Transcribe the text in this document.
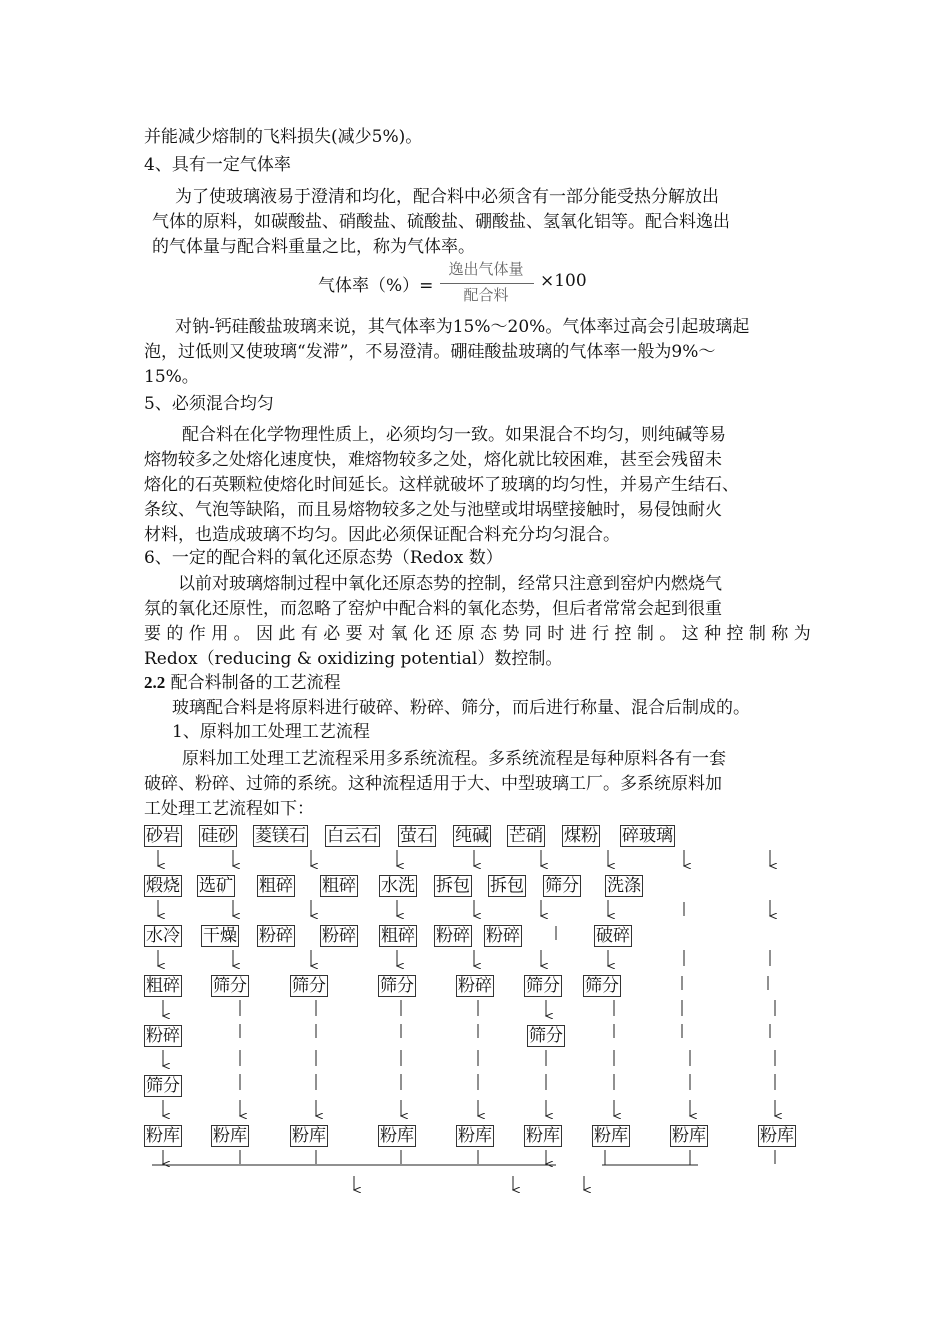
并能减少熔制的飞料损失(减少5%)。
4、具有一定气体率
为了使玻璃液易于澄清和均化，配合料中必须含有一部分能受热分解放出
气体的原料，如碳酸盐、硝酸盐、硫酸盐、硼酸盐、氢氧化铝等。配合料逸出
的气体量与配合料重量之比，称为气体率。
气体率（%）=
逸出气体量
配合料
×100
对钠-钙硅酸盐玻璃来说，其气体率为15%～20%。气体率过高会引起玻璃起
泡，过低则又使玻璃“发滞”，不易澄清。硼硅酸盐玻璃的气体率一般为9%～
15%。
5、必须混合均匀
配合料在化学物理性质上，必须均匀一致。如果混合不均匀，则纯碱等易
熔物较多之处熔化速度快，难熔物较多之处，熔化就比较困难，甚至会残留未
熔化的石英颗粒使熔化时间延长。这样就破坏了玻璃的均匀性，并易产生结石、
条纹、气泡等缺陷，而且易熔物较多之处与池壁或坩埚壁接触时，易侵蚀耐火
材料，也造成玻璃不均匀。因此必须保证配合料充分均匀混合。
6、一定的配合料的氧化还原态势（Redox 数）
以前对玻璃熔制过程中氧化还原态势的控制，经常只注意到窑炉内燃烧气
氛的氧化还原性，而忽略了窑炉中配合料的氧化态势，但后者常常会起到很重
要 的 作 用 。 因 此 有 必 要 对 氧 化 还 原 态 势 同 时 进 行 控 制 。 这 种 控 制 称 为
Redox（reducing & oxidizing potential）数控制。
2.2 配合料制备的工艺流程
玻璃配合料是将原料进行破碎、粉碎、筛分，而后进行称量、混合后制成的。
1、原料加工处理工艺流程
原料加工处理工艺流程采用多系统流程。多系统流程是每种原料各有一套
破碎、粉碎、过筛的系统。这种流程适用于大、中型玻璃工厂。多系统原料加
工处理工艺流程如下：
砂岩 硅砂 菱镁石 白云石 萤石 纯碱 芒硝 煤粉 碎玻璃
煅烧 选矿 粗碎 粗碎 水洗 拆包 拆包 筛分 洗涤
水冷 干燥 粉碎 粉碎 粗碎 粉碎 粉碎	破碎
粗碎 筛分	筛分	筛分	粉碎 筛分 筛分
粉碎	筛分
筛分
粉库 粉库	粉库	粉库	粉库 粉库 粉库	粉库	粉库
